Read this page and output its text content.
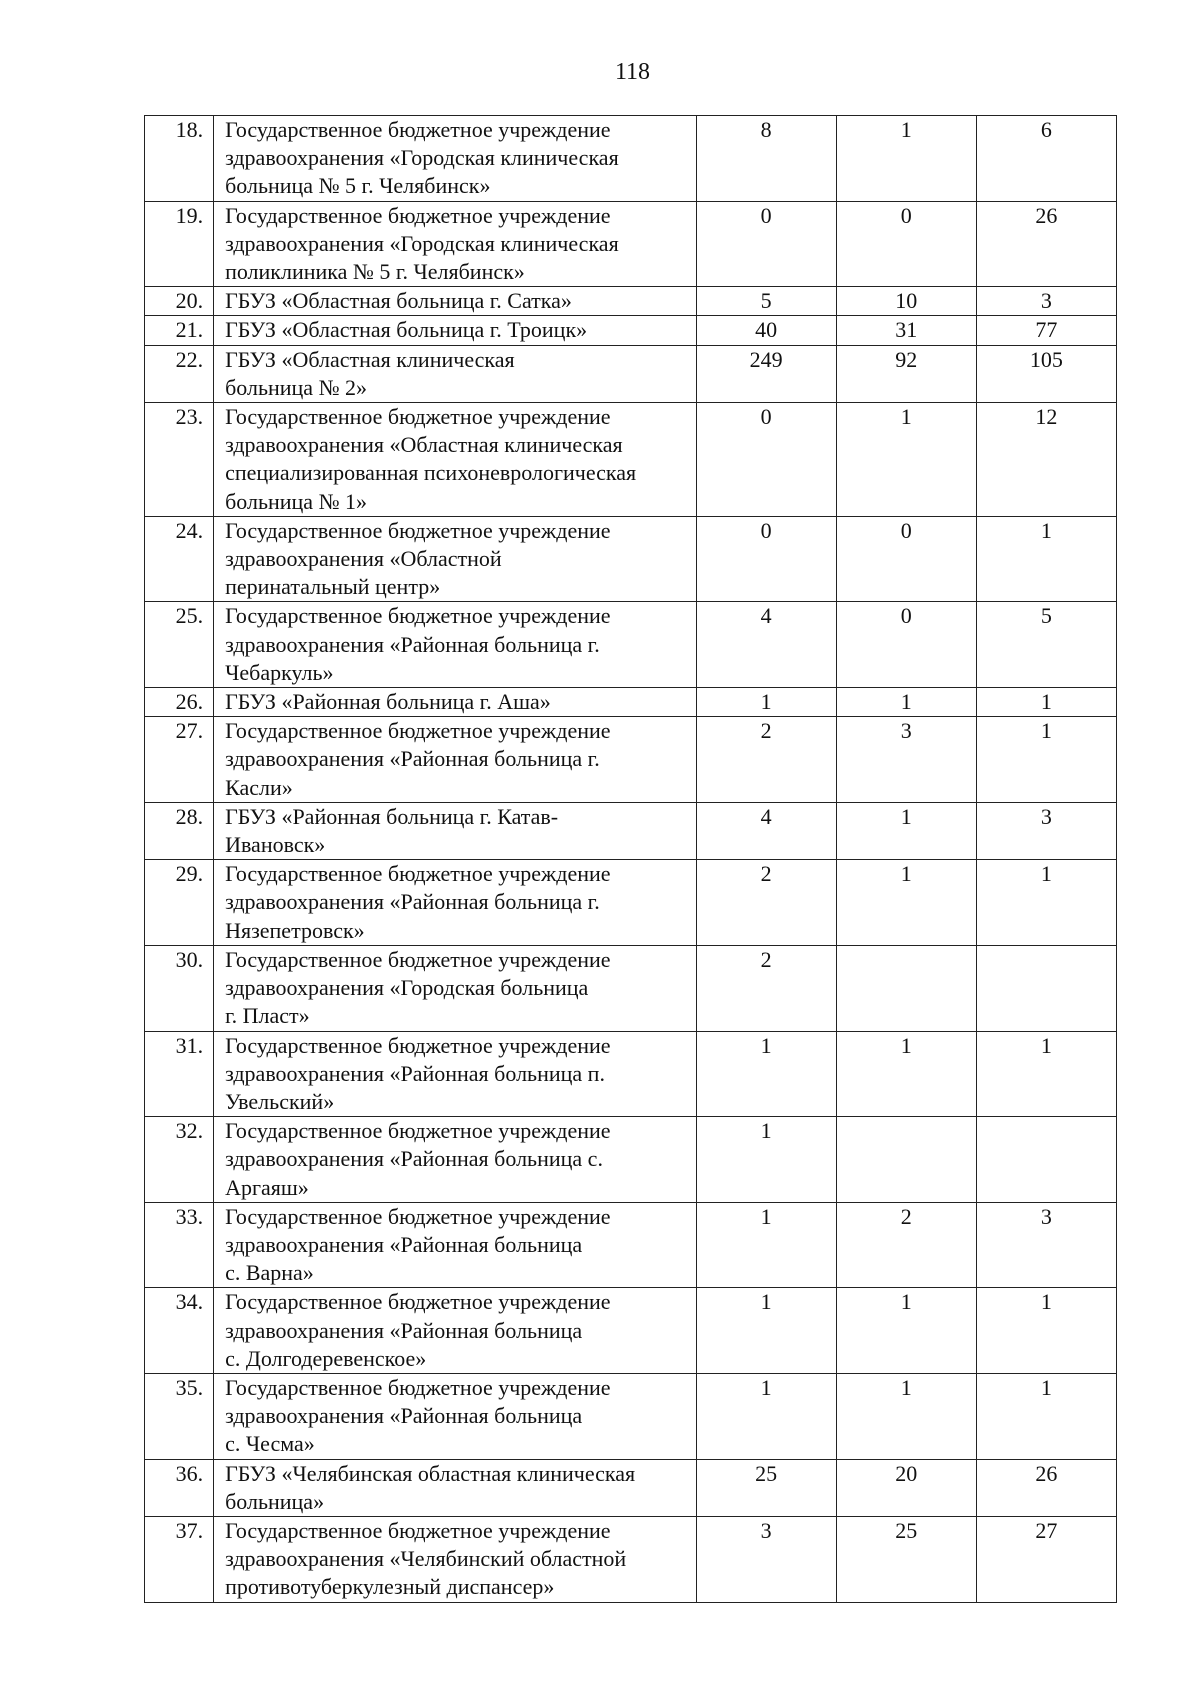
118
18.	Государственное бюджетное учреждение
здравоохранения «Городская клиническая
больница № 5 г. Челябинск»	8	1	6
19.	Государственное бюджетное учреждение
здравоохранения «Городская клиническая
поликлиника № 5 г. Челябинск»	0	0	26
20.	ГБУЗ «Областная больница г. Сатка»	5	10	3
21.	ГБУЗ «Областная больница г. Троицк»	40	31	77
22.	ГБУЗ «Областная клиническая
больница № 2»	249	92	105
23.	Государственное бюджетное учреждение
здравоохранения «Областная клиническая
специализированная психоневрологическая
больница № 1»	0	1	12
24.	Государственное бюджетное учреждение
здравоохранения «Областной
перинатальный центр»	0	0	1
25.	Государственное бюджетное учреждение
здравоохранения «Районная больница г.
Чебаркуль»	4	0	5
26.	ГБУЗ «Районная больница г. Аша»	1	1	1
27.	Государственное бюджетное учреждение
здравоохранения «Районная больница г.
Касли»	2	3	1
28.	ГБУЗ «Районная больница г. Катав-
Ивановск»	4	1	3
29.	Государственное бюджетное учреждение
здравоохранения «Районная больница г.
Нязепетровск»	2	1	1
30.	Государственное бюджетное учреждение
здравоохранения «Городская больница
г. Пласт»	2		
31.	Государственное бюджетное учреждение
здравоохранения «Районная больница п.
Увельский»	1	1	1
32.	Государственное бюджетное учреждение
здравоохранения «Районная больница с.
Аргаяш»	1		
33.	Государственное бюджетное учреждение
здравоохранения «Районная больница
с. Варна»	1	2	3
34.	Государственное бюджетное учреждение
здравоохранения «Районная больница
с. Долгодеревенское»	1	1	1
35.	Государственное бюджетное учреждение
здравоохранения «Районная больница
с. Чесма»	1	1	1
36.	ГБУЗ «Челябинская областная клиническая
больница»	25	20	26
37.	Государственное бюджетное учреждение
здравоохранения «Челябинский областной
противотуберкулезный диспансер»	3	25	27
